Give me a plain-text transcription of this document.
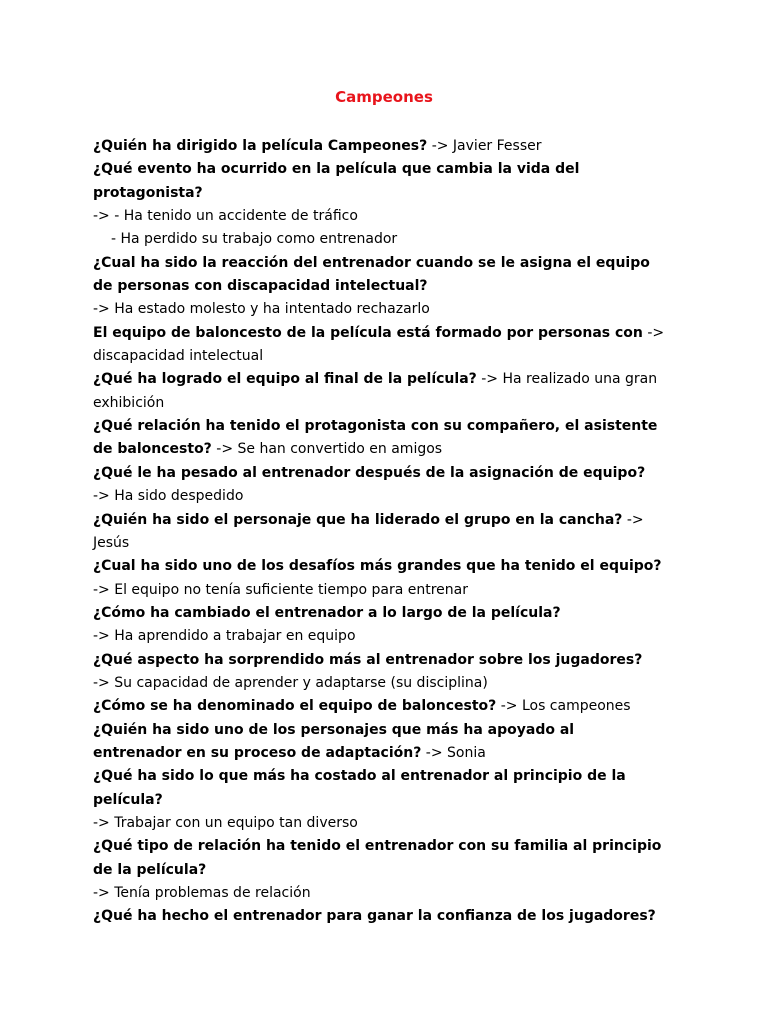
Campeones
¿Quién ha dirigido la película Campeones? -> Javier Fesser
¿Qué evento ha ocurrido en la película que cambia la vida del
protagonista?
-> - Ha tenido un accidente de tráfico
- Ha perdido su trabajo como entrenador
¿Cual ha sido la reacción del entrenador cuando se le asigna el equipo
de personas con discapacidad intelectual?
-> Ha estado molesto y ha intentado rechazarlo
El equipo de baloncesto de la película está formado por personas con ->
discapacidad intelectual
¿Qué ha logrado el equipo al final de la película? -> Ha realizado una gran
exhibición
¿Qué relación ha tenido el protagonista con su compañero, el asistente
de baloncesto? -> Se han convertido en amigos
¿Qué le ha pesado al entrenador después de la asignación de equipo?
-> Ha sido despedido
¿Quién ha sido el personaje que ha liderado el grupo en la cancha? ->
Jesús
¿Cual ha sido uno de los desafíos más grandes que ha tenido el equipo?
-> El equipo no tenía suficiente tiempo para entrenar
¿Cómo ha cambiado el entrenador a lo largo de la película?
-> Ha aprendido a trabajar en equipo
¿Qué aspecto ha sorprendido más al entrenador sobre los jugadores?
-> Su capacidad de aprender y adaptarse (su disciplina)
¿Cómo se ha denominado el equipo de baloncesto? -> Los campeones
¿Quién ha sido uno de los personajes que más ha apoyado al
entrenador en su proceso de adaptación? -> Sonia
¿Qué ha sido lo que más ha costado al entrenador al principio de la
película?
-> Trabajar con un equipo tan diverso
¿Qué tipo de relación ha tenido el entrenador con su familia al principio
de la película?
-> Tenía problemas de relación
¿Qué ha hecho el entrenador para ganar la confianza de los jugadores?
